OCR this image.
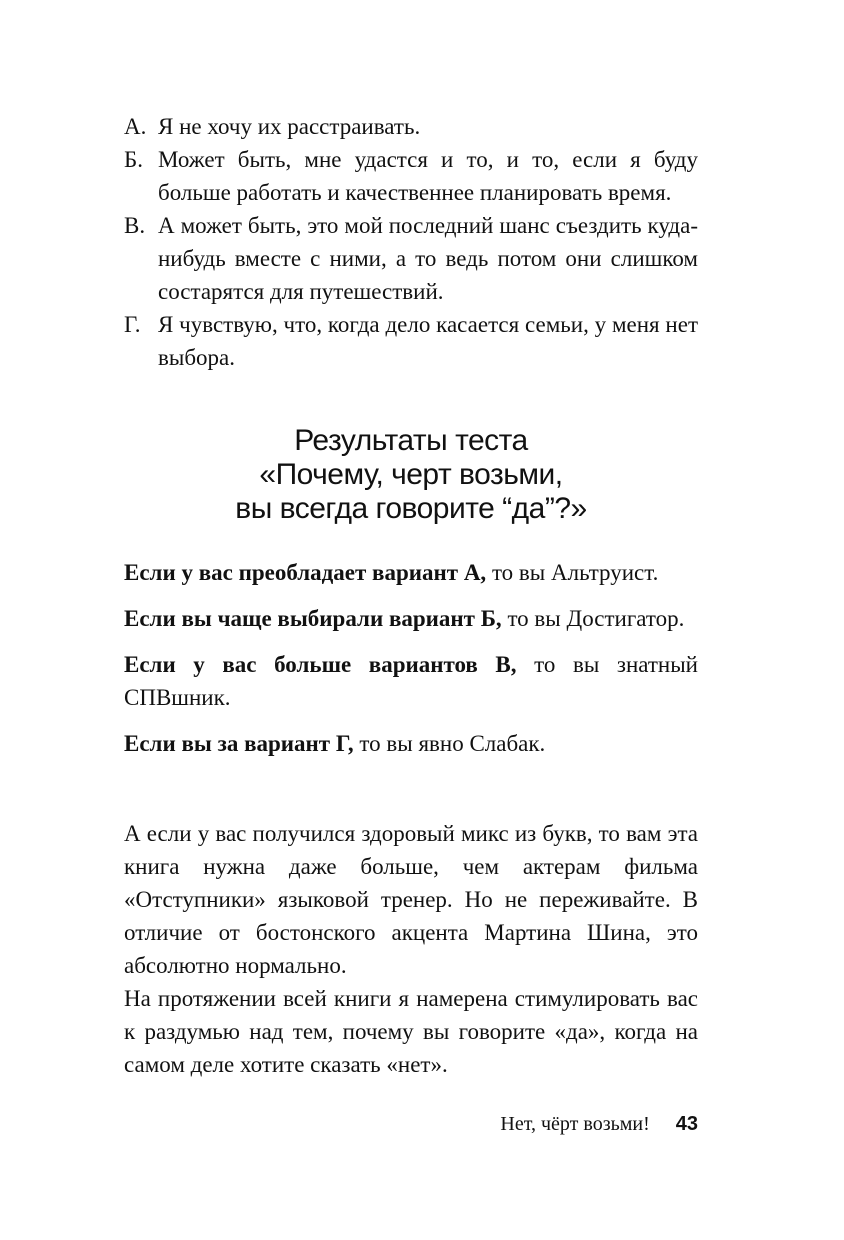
А. Я не хочу их расстраивать.
Б. Может быть, мне удастся и то, и то, если я буду больше работать и качественнее планировать время.
В. А может быть, это мой последний шанс съездить куда-нибудь вместе с ними, а то ведь потом они слишком состарятся для путешествий.
Г. Я чувствую, что, когда дело касается семьи, у меня нет выбора.
Результаты теста
«Почему, черт возьми,
вы всегда говорите “да”?»
Если у вас преобладает вариант А, то вы Альтруист.
Если вы чаще выбирали вариант Б, то вы Достигатор.
Если у вас больше вариантов В, то вы знатный СПВшник.
Если вы за вариант Г, то вы явно Слабак.

А если у вас получился здоровый микс из букв, то вам эта книга нужна даже больше, чем актерам фильма «Отступники» языковой тренер. Но не переживайте. В отличие от бостонского акцента Мартина Шина, это абсолютно нормально.

На протяжении всей книги я намерена стимулировать вас к раздумью над тем, почему вы говорите «да», когда на самом деле хотите сказать «нет».

Нет, чёрт возьми! 43
